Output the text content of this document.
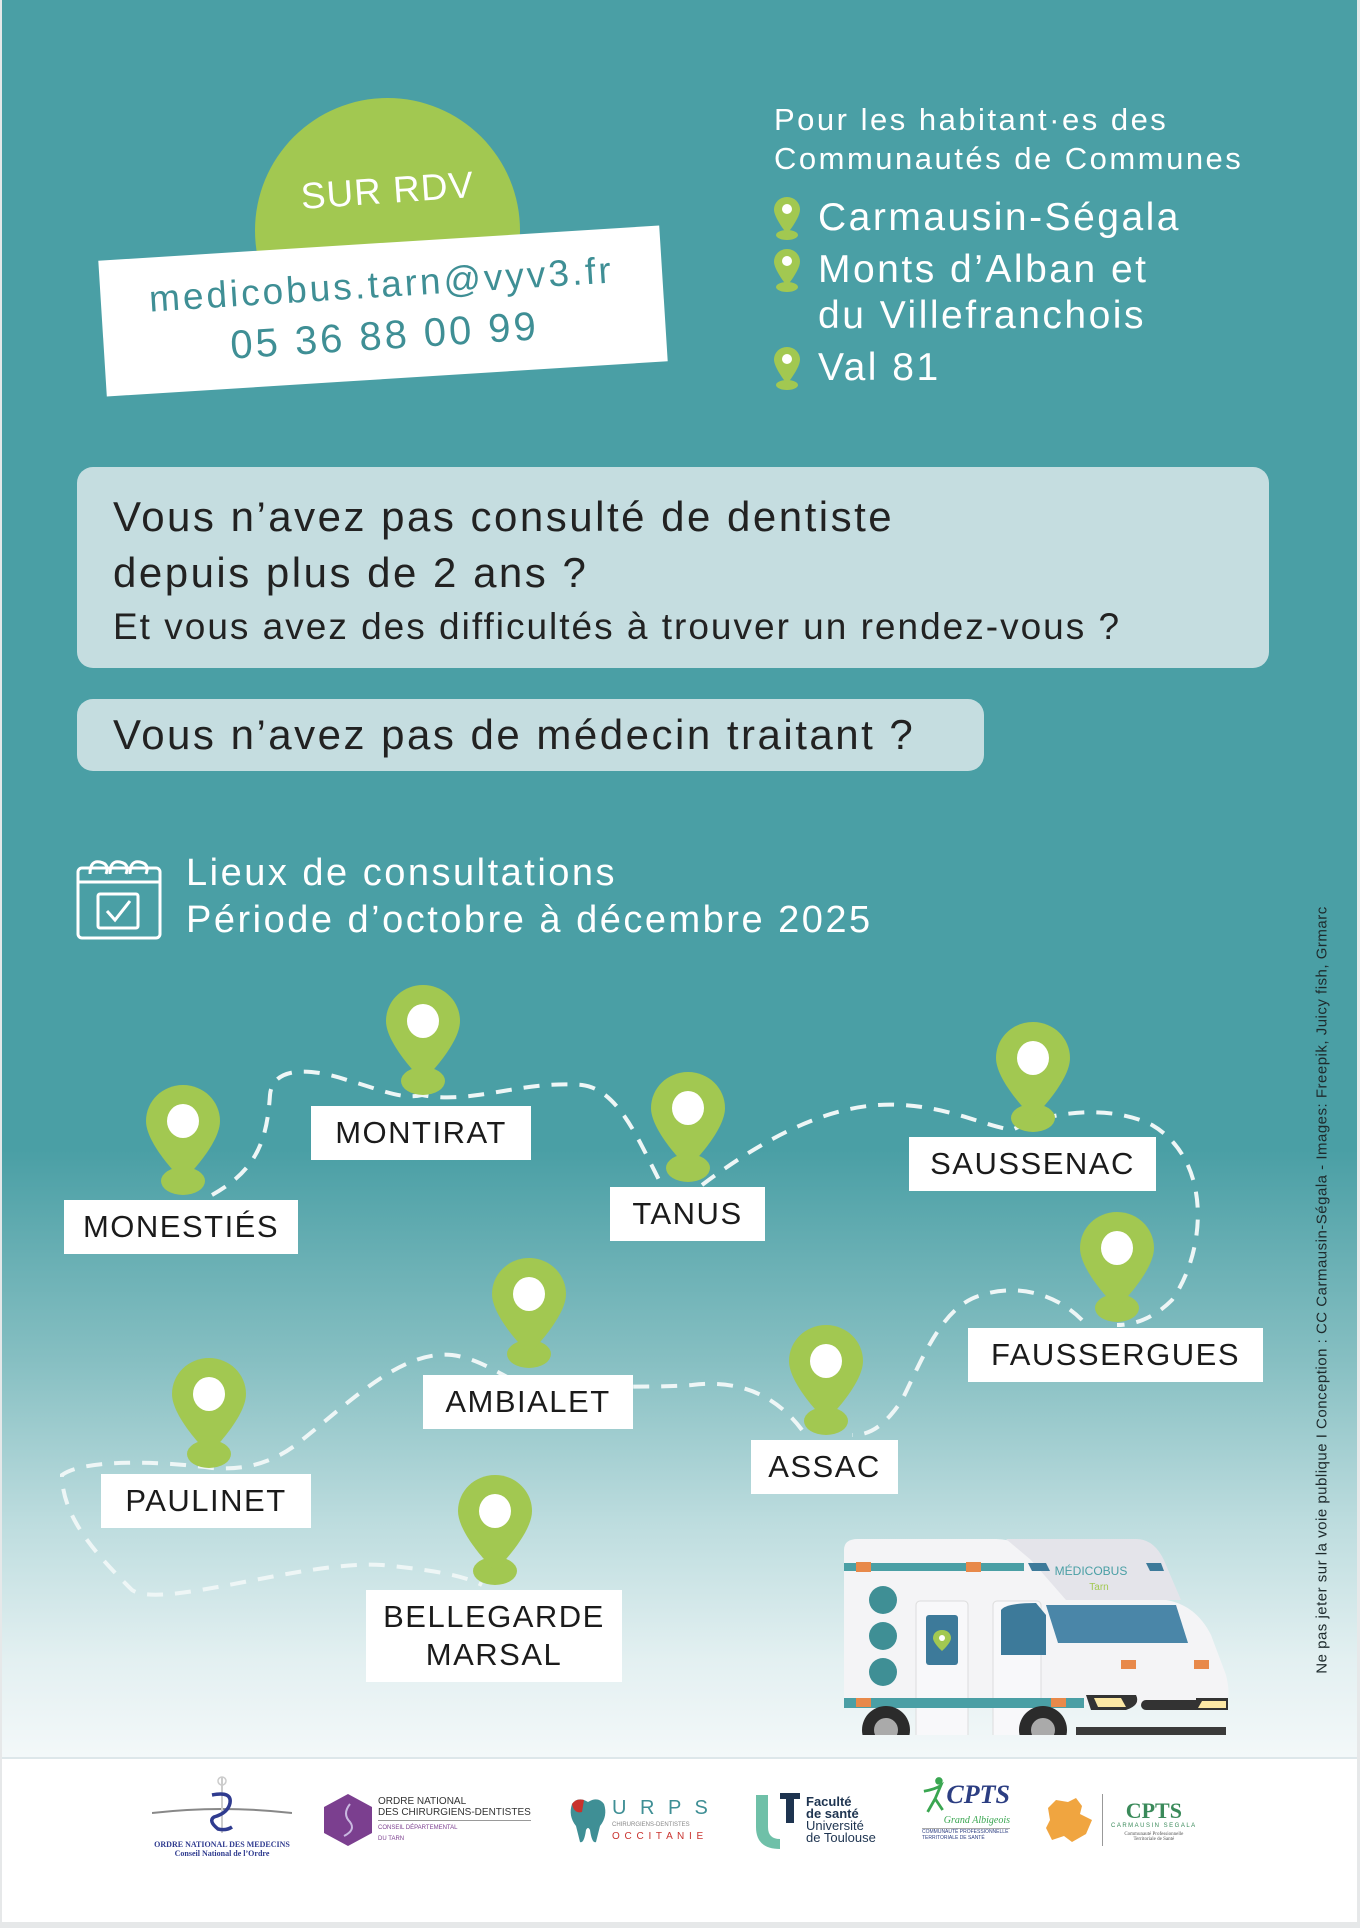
SUR RDV
medicobus.tarn@vyv3.fr
05 36 88 00 99
Pour les habitant·es des
Communautés de Communes
Carmausin-Ségala
Monts d’Alban et
du Villefranchois
Val 81
Vous n’avez pas consulté de dentiste
depuis plus de 2 ans ?
Et vous avez des difficultés à trouver un rendez-vous ?
Vous n’avez pas de médecin traitant ?
Lieux de consultations
Période d’octobre à décembre 2025	Ne pas jeter sur la voie publique I Conception : CC Carmausin-Ségala - Images: Freepik, Juicy fish, Grmarc
MONESTIÉS
MONTIRAT
TANUS
SAUSSENAC
FAUSSERGUES
AMBIALET
ASSAC
PAULINET
BELLEGARDE
MARSAL
MÉDICOBUS
Tarn
ORDRE NATIONAL DES MEDECINS
Conseil National de l’Ordre
ORDRE NATIONAL
DES CHIRURGIENS-DENTISTES
CONSEIL DÉPARTEMENTAL
DU TARN
U R P S
CHIRURGIENS-DENTISTES
O C C I T A N I E
Faculté
de santé
Université
de Toulouse
CPTS
Grand Albigeois
COMMUNAUTÉ PROFESSIONNELLE
TERRITORIALE DE SANTÉ
CPTS
CARMAUSIN SEGALA
Communauté Professionnelle
Territoriale de Santé
